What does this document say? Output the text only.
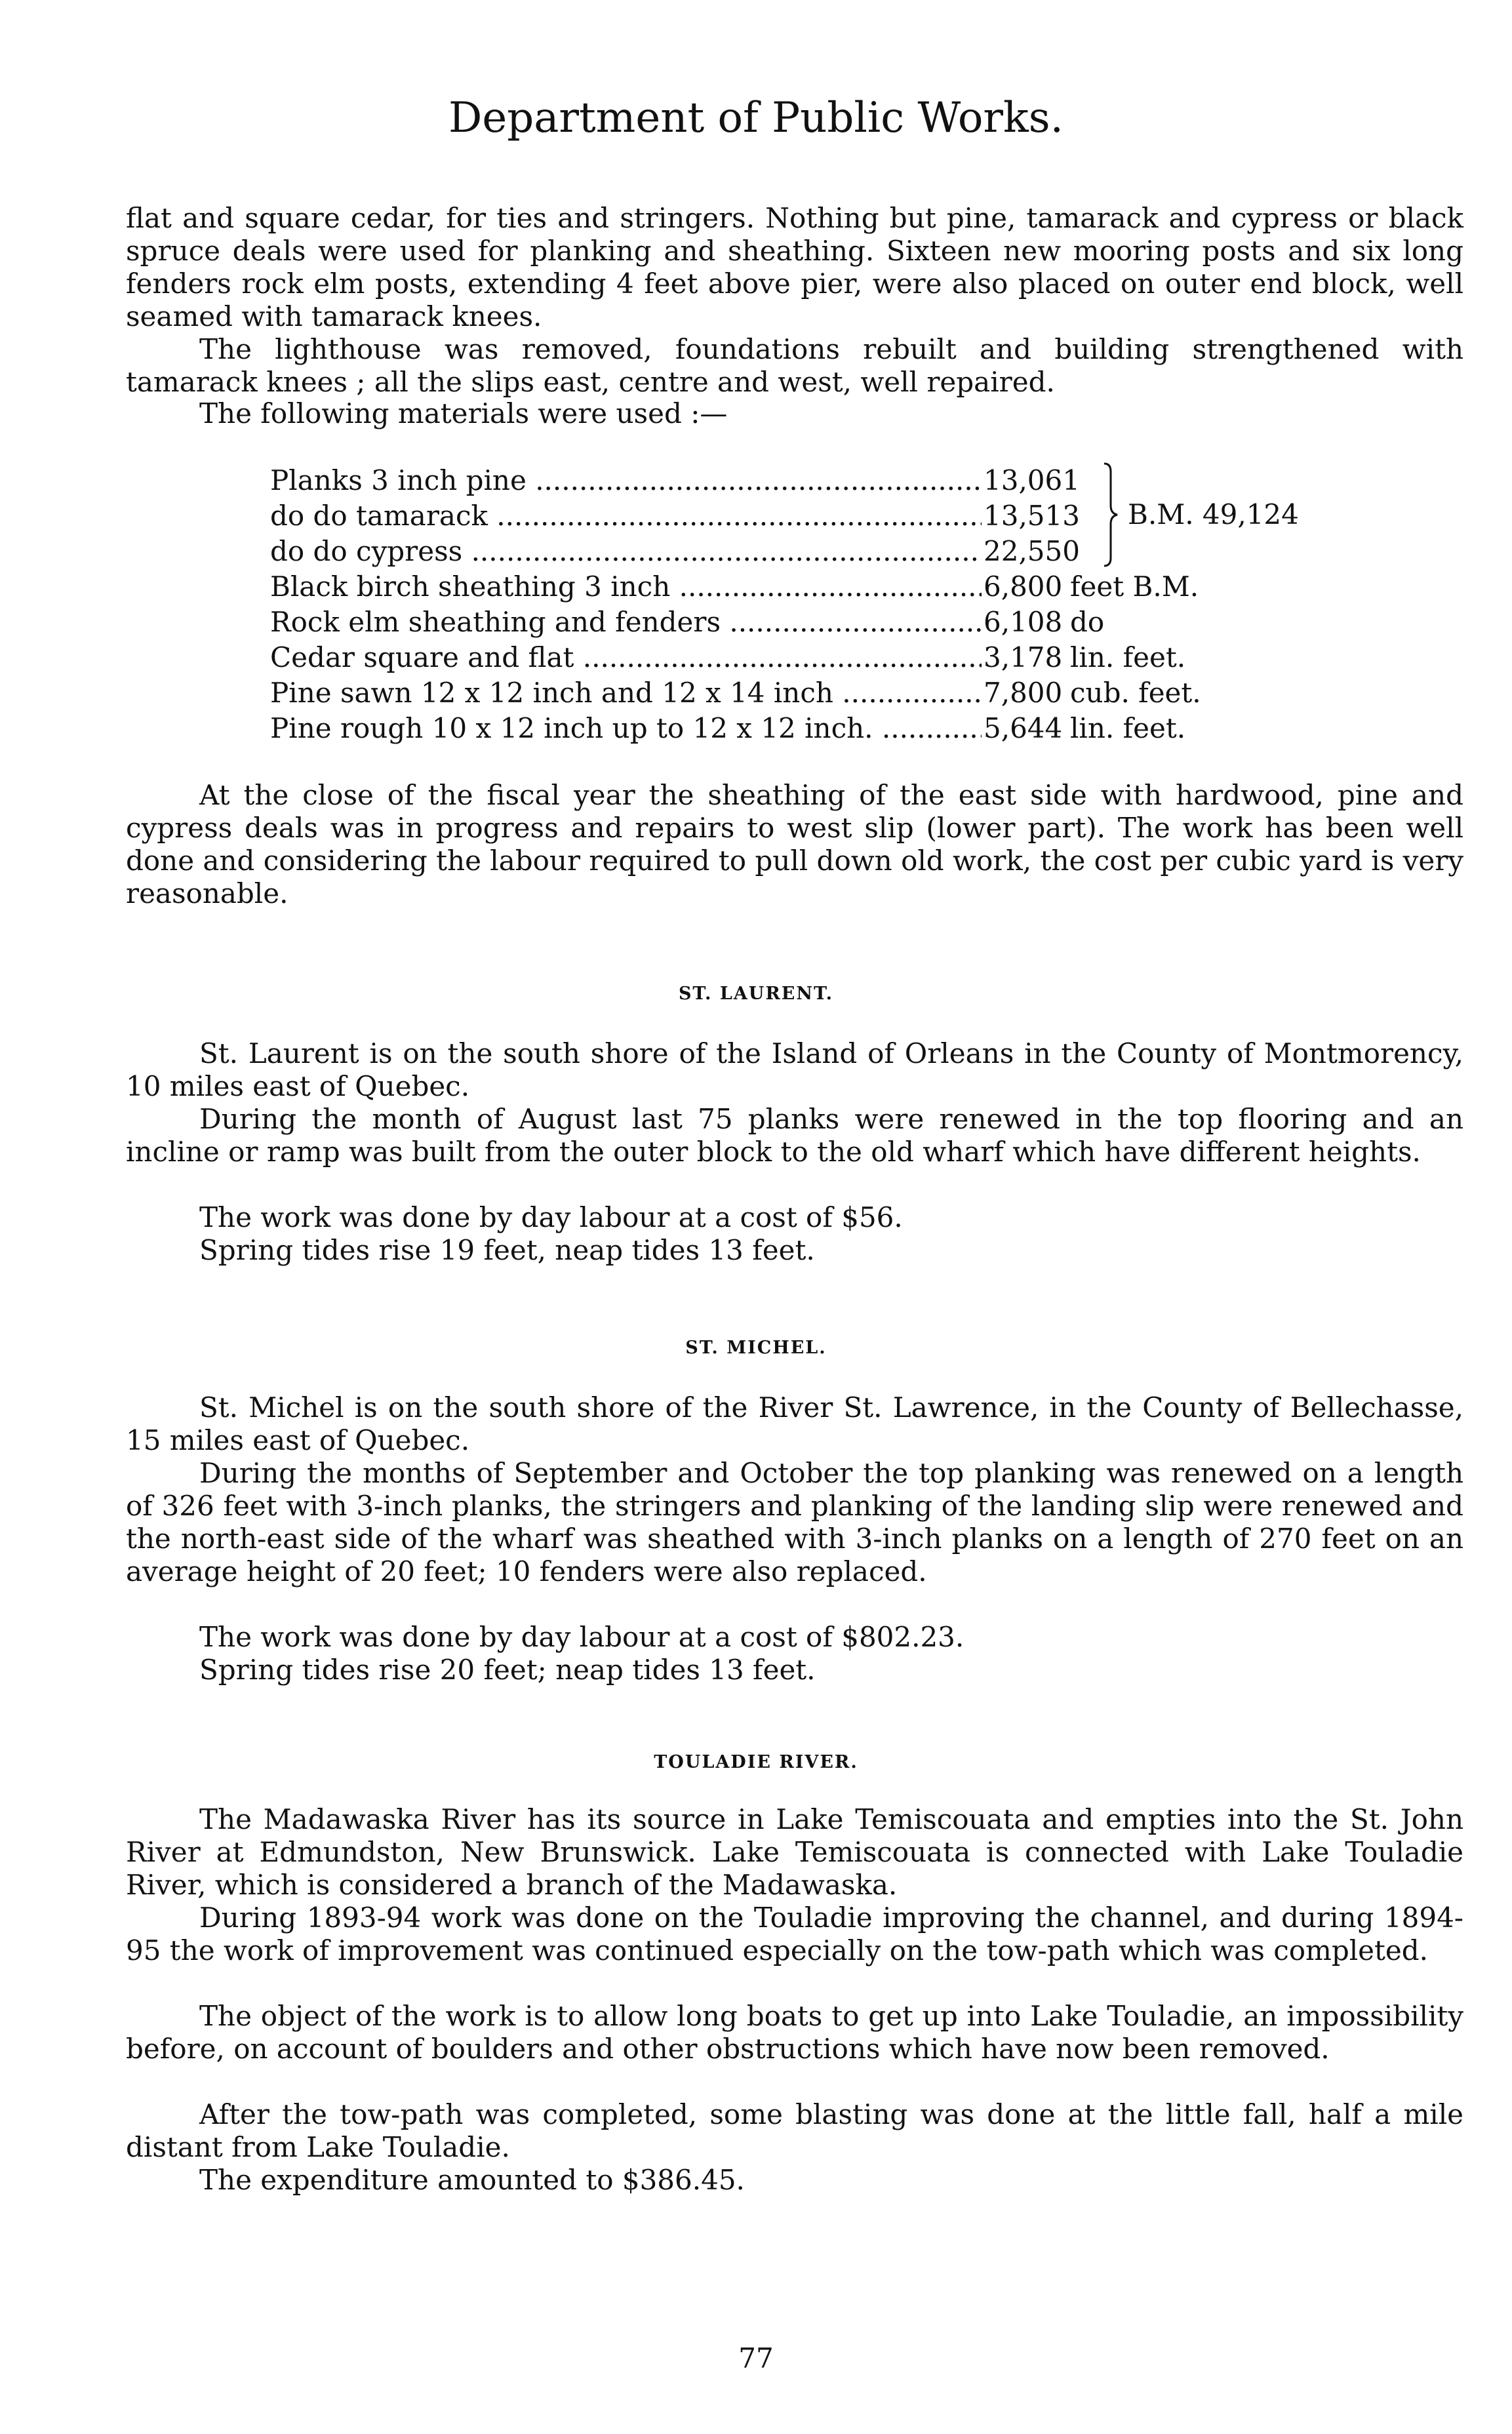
Department of Public Works.
flat and square cedar, for ties and stringers. Nothing but pine, tamarack and cypress or black spruce deals were used for planking and sheathing. Sixteen new mooring posts and six long fenders rock elm posts, extending 4 feet above pier, were also placed on outer end block, well seamed with tamarack knees.
The lighthouse was removed, foundations rebuilt and building strengthened with tamarack knees ; all the slips east, centre and west, well repaired.
The following materials were used :—
Planks 3 inch pine .....	13,061
do do tamarack .....	13,513
do do cypress .....	22,550
Black birch sheathing 3 inch .....	6,800 feet B.M.
Rock elm sheathing and fenders .....	6,108 do
Cedar square and flat .....	3,178 lin. feet.
Pine sawn 12 x 12 inch and 12 x 14 inch .....	7,800 cub. feet.
Pine rough 10 x 12 inch up to 12 x 12 inch. .....	5,644 lin. feet.
B.M. 49,124
At the close of the fiscal year the sheathing of the east side with hardwood, pine and cypress deals was in progress and repairs to west slip (lower part). The work has been well done and considering the labour required to pull down old work, the cost per cubic yard is very reasonable.
ST. LAURENT.
St. Laurent is on the south shore of the Island of Orleans in the County of Montmorency, 10 miles east of Quebec.
During the month of August last 75 planks were renewed in the top flooring and an incline or ramp was built from the outer block to the old wharf which have different heights.
The work was done by day labour at a cost of $56.
Spring tides rise 19 feet, neap tides 13 feet.
ST. MICHEL.
St. Michel is on the south shore of the River St. Lawrence, in the County of Bellechasse, 15 miles east of Quebec.
During the months of September and October the top planking was renewed on a length of 326 feet with 3-inch planks, the stringers and planking of the landing slip were renewed and the north-east side of the wharf was sheathed with 3-inch planks on a length of 270 feet on an average height of 20 feet; 10 fenders were also replaced.
The work was done by day labour at a cost of $802.23.
Spring tides rise 20 feet; neap tides 13 feet.
TOULADIE RIVER.
The Madawaska River has its source in Lake Temiscouata and empties into the St. John River at Edmundston, New Brunswick. Lake Temiscouata is connected with Lake Touladie River, which is considered a branch of the Madawaska.
During 1893-94 work was done on the Touladie improving the channel, and during 1894-95 the work of improvement was continued especially on the tow-path which was completed.
The object of the work is to allow long boats to get up into Lake Touladie, an impossibility before, on account of boulders and other obstructions which have now been removed.
After the tow-path was completed, some blasting was done at the little fall, half a mile distant from Lake Touladie.
The expenditure amounted to $386.45.
77
